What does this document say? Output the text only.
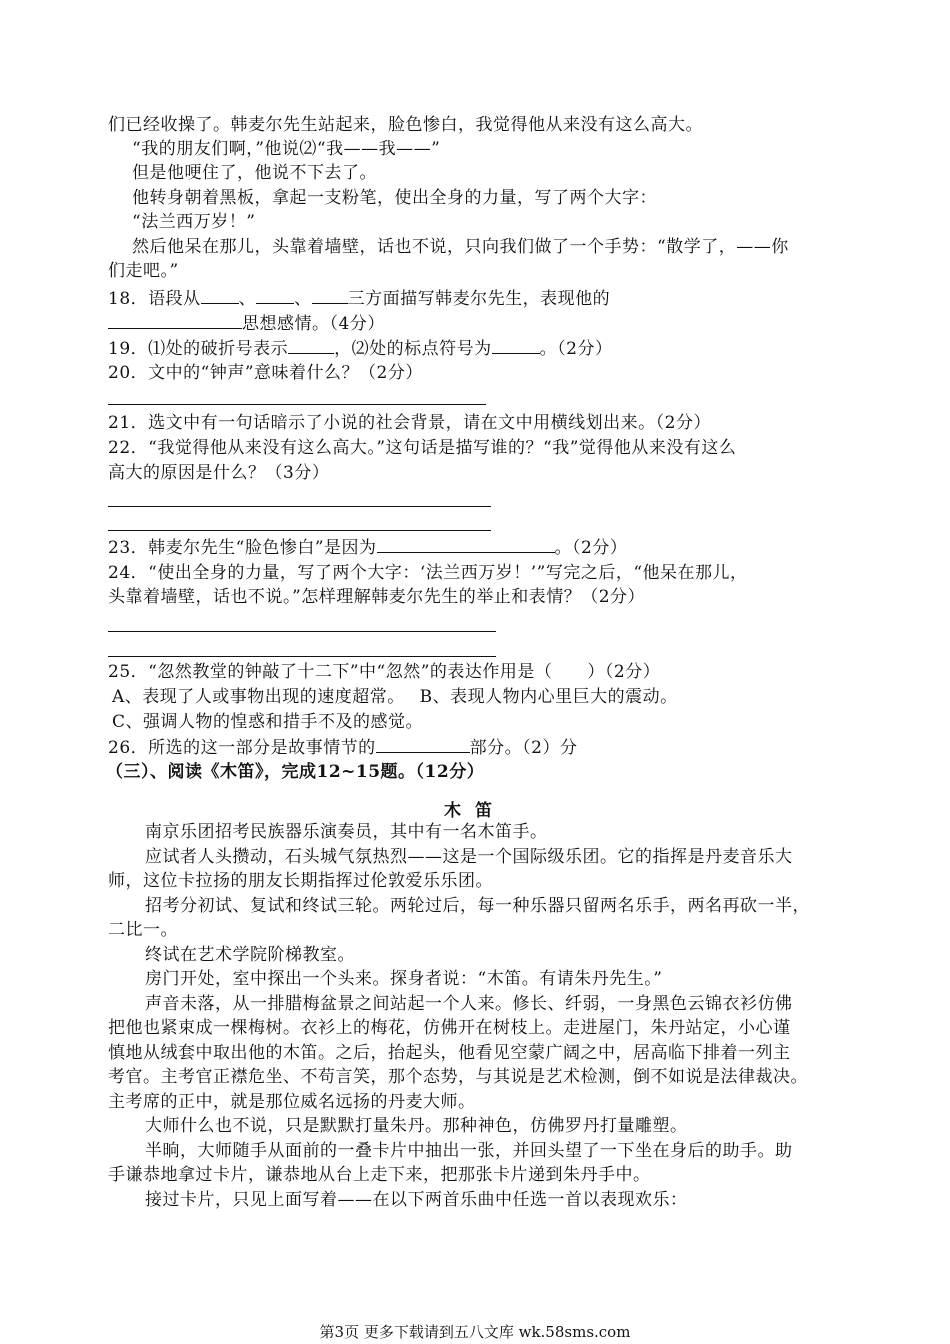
们已经收操了。韩麦尔先生站起来，脸色惨白，我觉得他从来没有这么高大。
“我的朋友们啊，”他说⑵“我——我——”
但是他哽住了，他说不下去了。
他转身朝着黑板，拿起一支粉笔，使出全身的力量，写了两个大字：
“法兰西万岁！”
然后他呆在那儿，头靠着墙壁，话也不说，只向我们做了一个手势：“散学了，——你
们走吧。”
18．语段从 、 、 三方面描写韩麦尔先生，表现他的
思想感情。（4分）
19．⑴处的破折号表示	，⑵处的标点符号为	。（2分）
20．文中的“钟声”意味着什么？（2分）
21．选文中有一句话暗示了小说的社会背景，请在文中用横线划出来。（2分）
22．“我觉得他从来没有这么高大。”这句话是描写谁的？“我”觉得他从来没有这么
高大的原因是什么？（3分）
23．韩麦尔先生“脸色惨白”是因为	。（2分）
24．“使出全身的力量，写了两个大字：‘法兰西万岁！’”写完之后，“他呆在那儿，
头靠着墙壁，话也不说。”怎样理解韩麦尔先生的举止和表情？（2分）
25．“忽然教堂的钟敲了十二下”中“忽然”的表达作用是（　　）（2分）
A、表现了人或事物出现的速度超常。　 B、表现人物内心里巨大的震动。
C、强调人物的惶惑和措手不及的感觉。
26．所选的这一部分是故事情节的	部分。（2）分
（三）、阅读《木笛》，完成12~15题。（12分）
木笛
南京乐团招考民族器乐演奏员，其中有一名木笛手。
应试者人头攒动，石头城气氛热烈——这是一个国际级乐团。它的指挥是丹麦音乐大
师，这位卡拉扬的朋友长期指挥过伦敦爱乐乐团。
招考分初试、复试和终试三轮。两轮过后，每一种乐器只留两名乐手，两名再砍一半，
二比一。
终试在艺术学院阶梯教室。
房门开处，室中探出一个头来。探身者说：“木笛。有请朱丹先生。”
声音未落，从一排腊梅盆景之间站起一个人来。修长、纤弱，一身黑色云锦衣衫仿佛
把他也紧束成一棵梅树。衣衫上的梅花，仿佛开在树枝上。走进屋门，朱丹站定，小心谨
慎地从绒套中取出他的木笛。之后，抬起头，他看见空蒙广阔之中，居高临下排着一列主
考官。主考官正襟危坐、不苟言笑，那个态势，与其说是艺术检测，倒不如说是法律裁决。
主考席的正中，就是那位威名远扬的丹麦大师。
大师什么也不说，只是默默打量朱丹。那种神色，仿佛罗丹打量雕塑。
半晌，大师随手从面前的一叠卡片中抽出一张，并回头望了一下坐在身后的助手。助
手谦恭地拿过卡片，谦恭地从台上走下来，把那张卡片递到朱丹手中。
接过卡片，只见上面写着——在以下两首乐曲中任选一首以表现欢乐：
第3页 更多下载请到五八文库 wk.58sms.com
